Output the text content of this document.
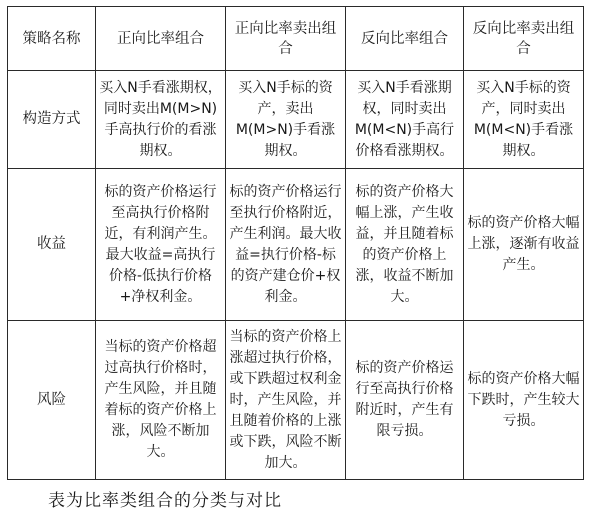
策略名称	正向比率组合	正向比率卖出组合	反向比率组合	反向比率卖出组合
构造方式	买入N手看涨期权，同时卖出M(M>N)手高执行价的看涨期权。	买入N手标的资产，卖出M(M>N)手看涨期权。	买入N手看涨期权，同时卖出M(M<N)手高行价格看涨期权。	买入N手标的资产，同时卖出M(M<N)手看涨期权。
收益	标的资产价格运行至高执行价格附近，有利润产生。最大收益=高执行价格-低执行价格+净权利金。	标的资产价格运行至执行价格附近，产生利润。最大收益=执行价格-标的资产建仓价+权利金。	标的资产价格大幅上涨，产生收益，并且随着标的资产价格上涨，收益不断加大。	标的资产价格大幅上涨，逐渐有收益产生。
风险	当标的资产价格超过高执行价格时，产生风险，并且随着标的资产价格上涨，风险不断加大。	当标的资产价格上涨超过执行价格，或下跌超过权利金时，产生风险，并且随着价格的上涨或下跌，风险不断加大。	标的资产价格运行至高执行价格附近时，产生有限亏损。	标的资产价格大幅下跌时，产生较大亏损。
表为比率类组合的分类与对比
